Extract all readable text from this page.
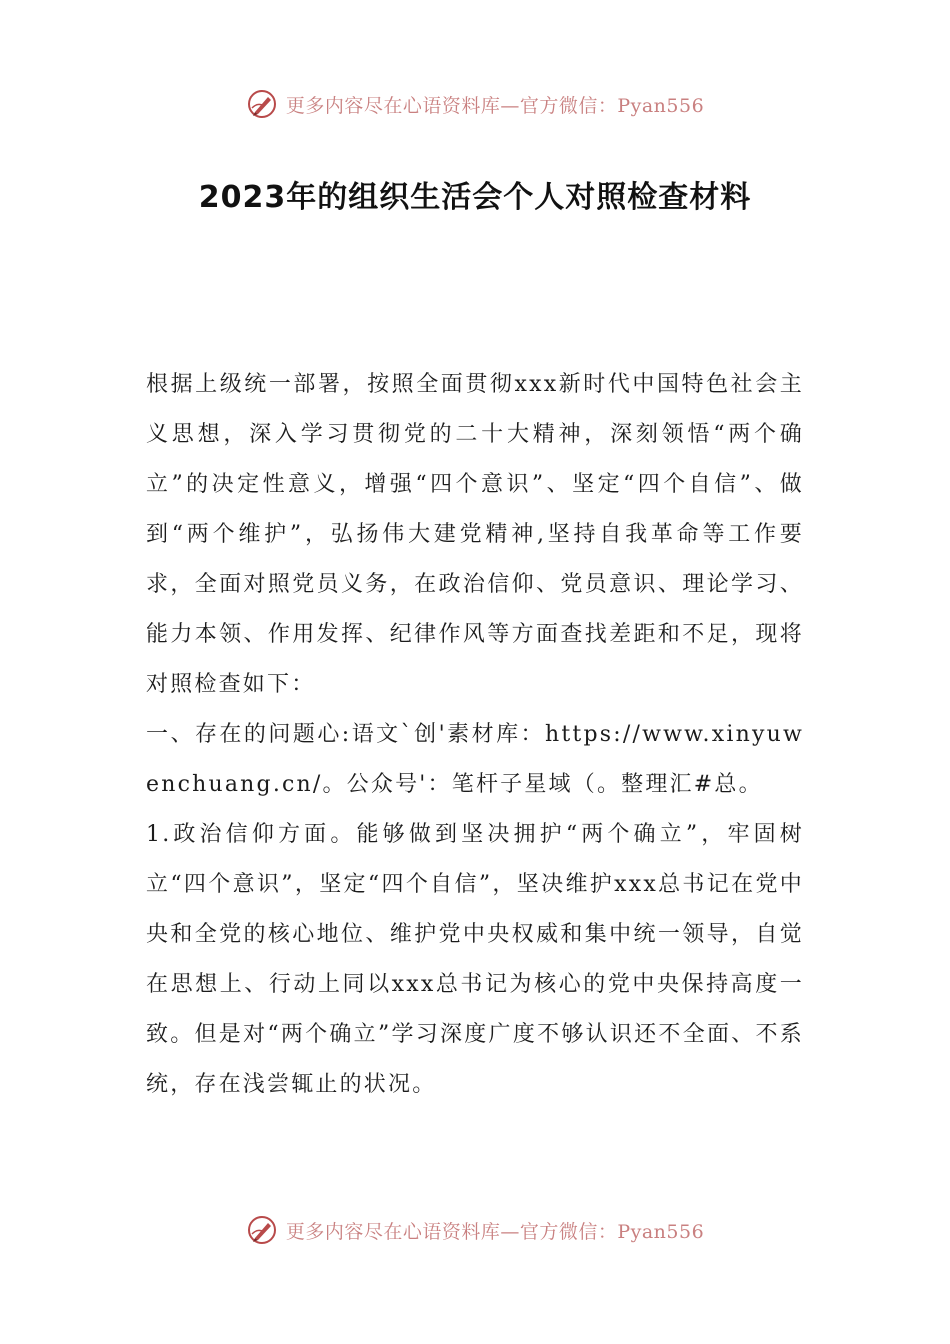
更多内容尽在心语资料库—官方微信：Pyan556
2023年的组织生活会个人对照检查材料

根据上级统一部署，按照全面贯彻xxx新时代中国特色社会主义思想，深入学习贯彻党的二十大精神，深刻领悟“两个确立”的决定性意义，增强“四个意识”、坚定“四个自信”、做到“两个维护”，弘扬伟大建党精神,坚持自我革命等工作要求，全面对照党员义务，在政治信仰、党员意识、理论学习、能力本领、作用发挥、纪律作风等方面查找差距和不足，现将对照检查如下：

一、存在的问题心:语文`创'素材库：https://www.xinyuwenchuang.cn/。公众号'：笔杆子星域（。整理汇#总。

1.政治信仰方面。能够做到坚决拥护“两个确立”，牢固树立“四个意识”，坚定“四个自信”，坚决维护xxx总书记在党中央和全党的核心地位、维护党中央权威和集中统一领导，自觉在思想上、行动上同以xxx总书记为核心的党中央保持高度一致。但是对“两个确立”学习深度广度不够认识还不全面、不系统，存在浅尝辄止的状况。

更多内容尽在心语资料库—官方微信：Pyan556
